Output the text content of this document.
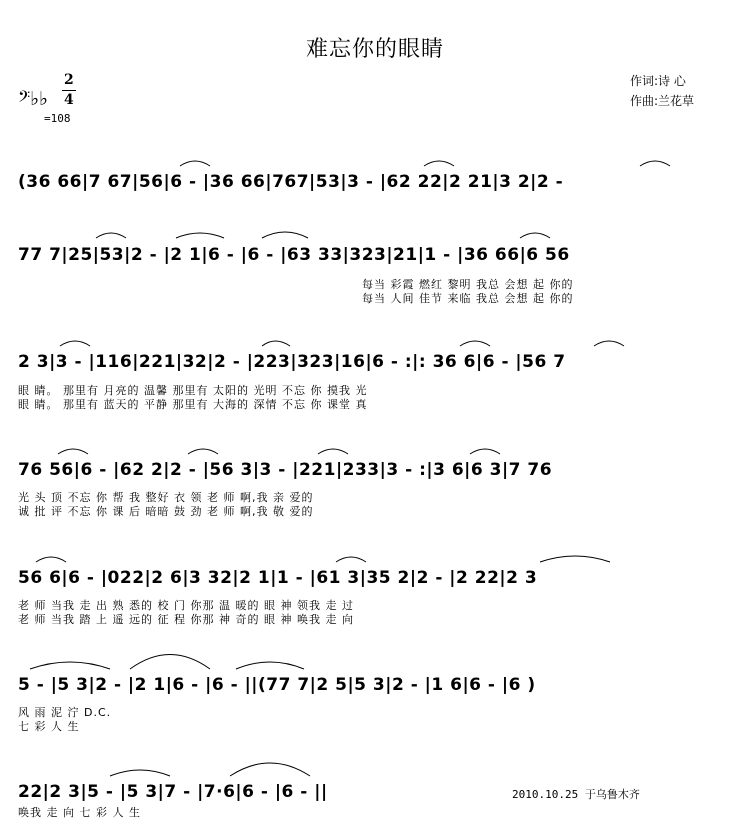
难忘你的眼睛
作词:诗 心
作曲:兰花草
𝄢♭♭
2
4
=108
(36 66|7 67|56|6 - |36 66|767|53|3 - |62 22|2 21|3 2|2 -
77 7|25|53|2 - |2 1|6 - |6 - |63 33|323|21|1 - |36 66|6 56
每当 彩霞 燃红 黎明 我总 会想 起 你的
每当 人间 佳节 来临 我总 会想 起 你的
2 3|3 - |116|221|32|2 - |223|323|16|6 - :|: 36 6|6 - |56 7
眼 睛。 那里有 月亮的 温馨 那里有 太阳的 光明 不忘 你 摸我 光
眼 睛。 那里有 蓝天的 平静 那里有 大海的 深情 不忘 你 课堂 真
76 56|6 - |62 2|2 - |56 3|3 - |221|233|3 - :|3 6|6 3|7 76
光 头 顶 不忘 你 帮 我 整好 衣 领 老 师 啊,我 亲 爱的
诚 批 评 不忘 你 课 后 暗暗 鼓 劲 老 师 啊,我 敬 爱的
56 6|6 - |022|2 6|3 32|2 1|1 - |61 3|35 2|2 - |2 22|2 3
老 师 当我 走 出 熟 悉的 校 门 你那 温 暖的 眼 神 领我 走 过
老 师 当我 踏 上 遥 远的 征 程 你那 神 奇的 眼 神 唤我 走 向
5 - |5 3|2 - |2 1|6 - |6 - ||(77 7|2 5|5 3|2 - |1 6|6 - |6 )
风 雨 泥 泞 D.C.
七 彩 人 生
22|2 3|5 - |5 3|7 - |7·6|6 - |6 - ||
唤我 走 向 七 彩 人 生
2010.10.25 于乌鲁木齐
